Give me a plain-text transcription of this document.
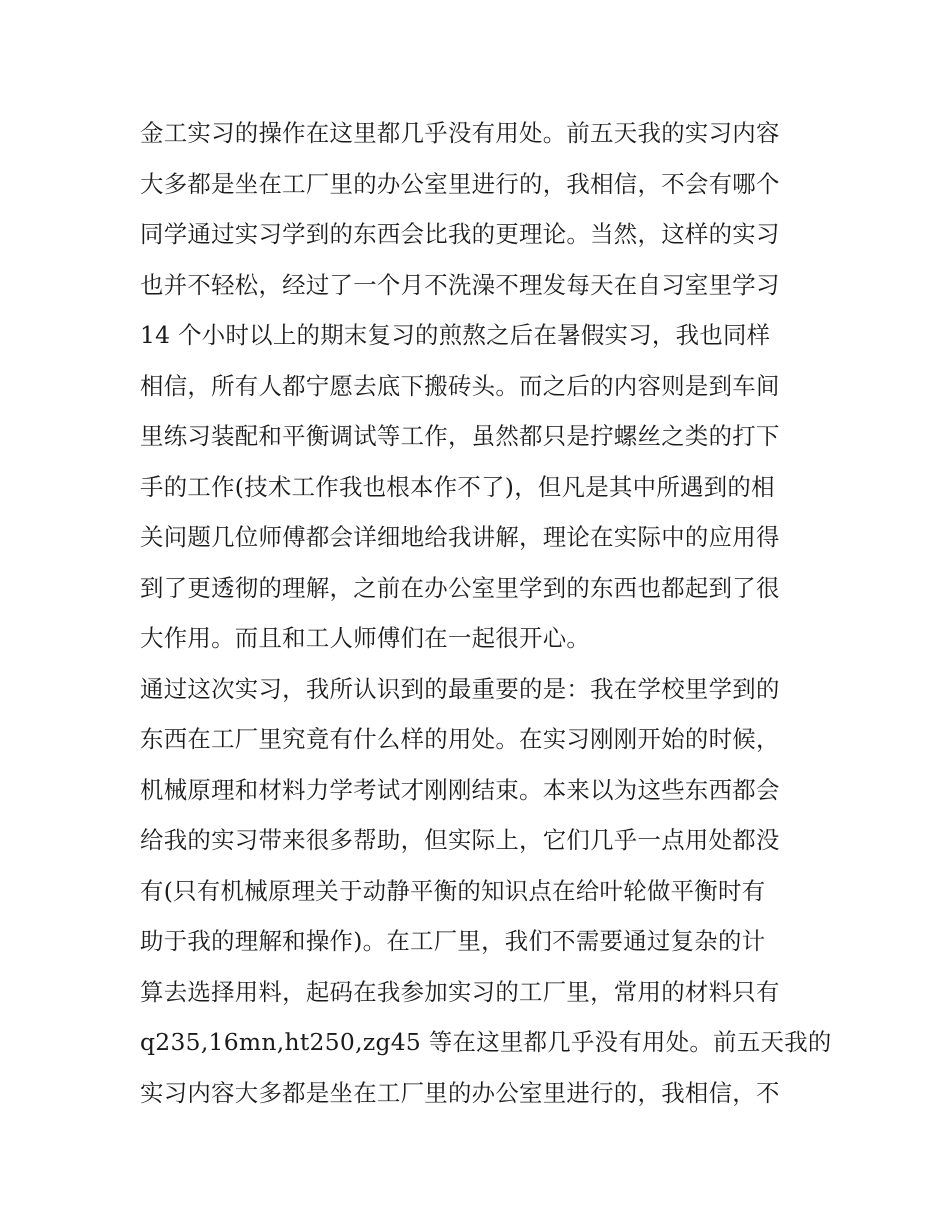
金工实习的操作在这里都几乎没有用处。前五天我的实习内容
大多都是坐在工厂里的办公室里进行的，我相信，不会有哪个
同学通过实习学到的东西会比我的更理论。当然，这样的实习
也并不轻松，经过了一个月不洗澡不理发每天在自习室里学习
14 个小时以上的期末复习的煎熬之后在暑假实习，我也同样
相信，所有人都宁愿去底下搬砖头。而之后的内容则是到车间
里练习装配和平衡调试等工作，虽然都只是拧螺丝之类的打下
手的工作(技术工作我也根本作不了)，但凡是其中所遇到的相
关问题几位师傅都会详细地给我讲解，理论在实际中的应用得
到了更透彻的理解，之前在办公室里学到的东西也都起到了很
大作用。而且和工人师傅们在一起很开心。
通过这次实习，我所认识到的最重要的是：我在学校里学到的
东西在工厂里究竟有什么样的用处。在实习刚刚开始的时候，
机械原理和材料力学考试才刚刚结束。本来以为这些东西都会
给我的实习带来很多帮助，但实际上，它们几乎一点用处都没
有(只有机械原理关于动静平衡的知识点在给叶轮做平衡时有
助于我的理解和操作)。在工厂里，我们不需要通过复杂的计
算去选择用料，起码在我参加实习的工厂里，常用的材料只有
q235,16mn,ht250,zg45 等在这里都几乎没有用处。前五天我的
实习内容大多都是坐在工厂里的办公室里进行的，我相信，不
